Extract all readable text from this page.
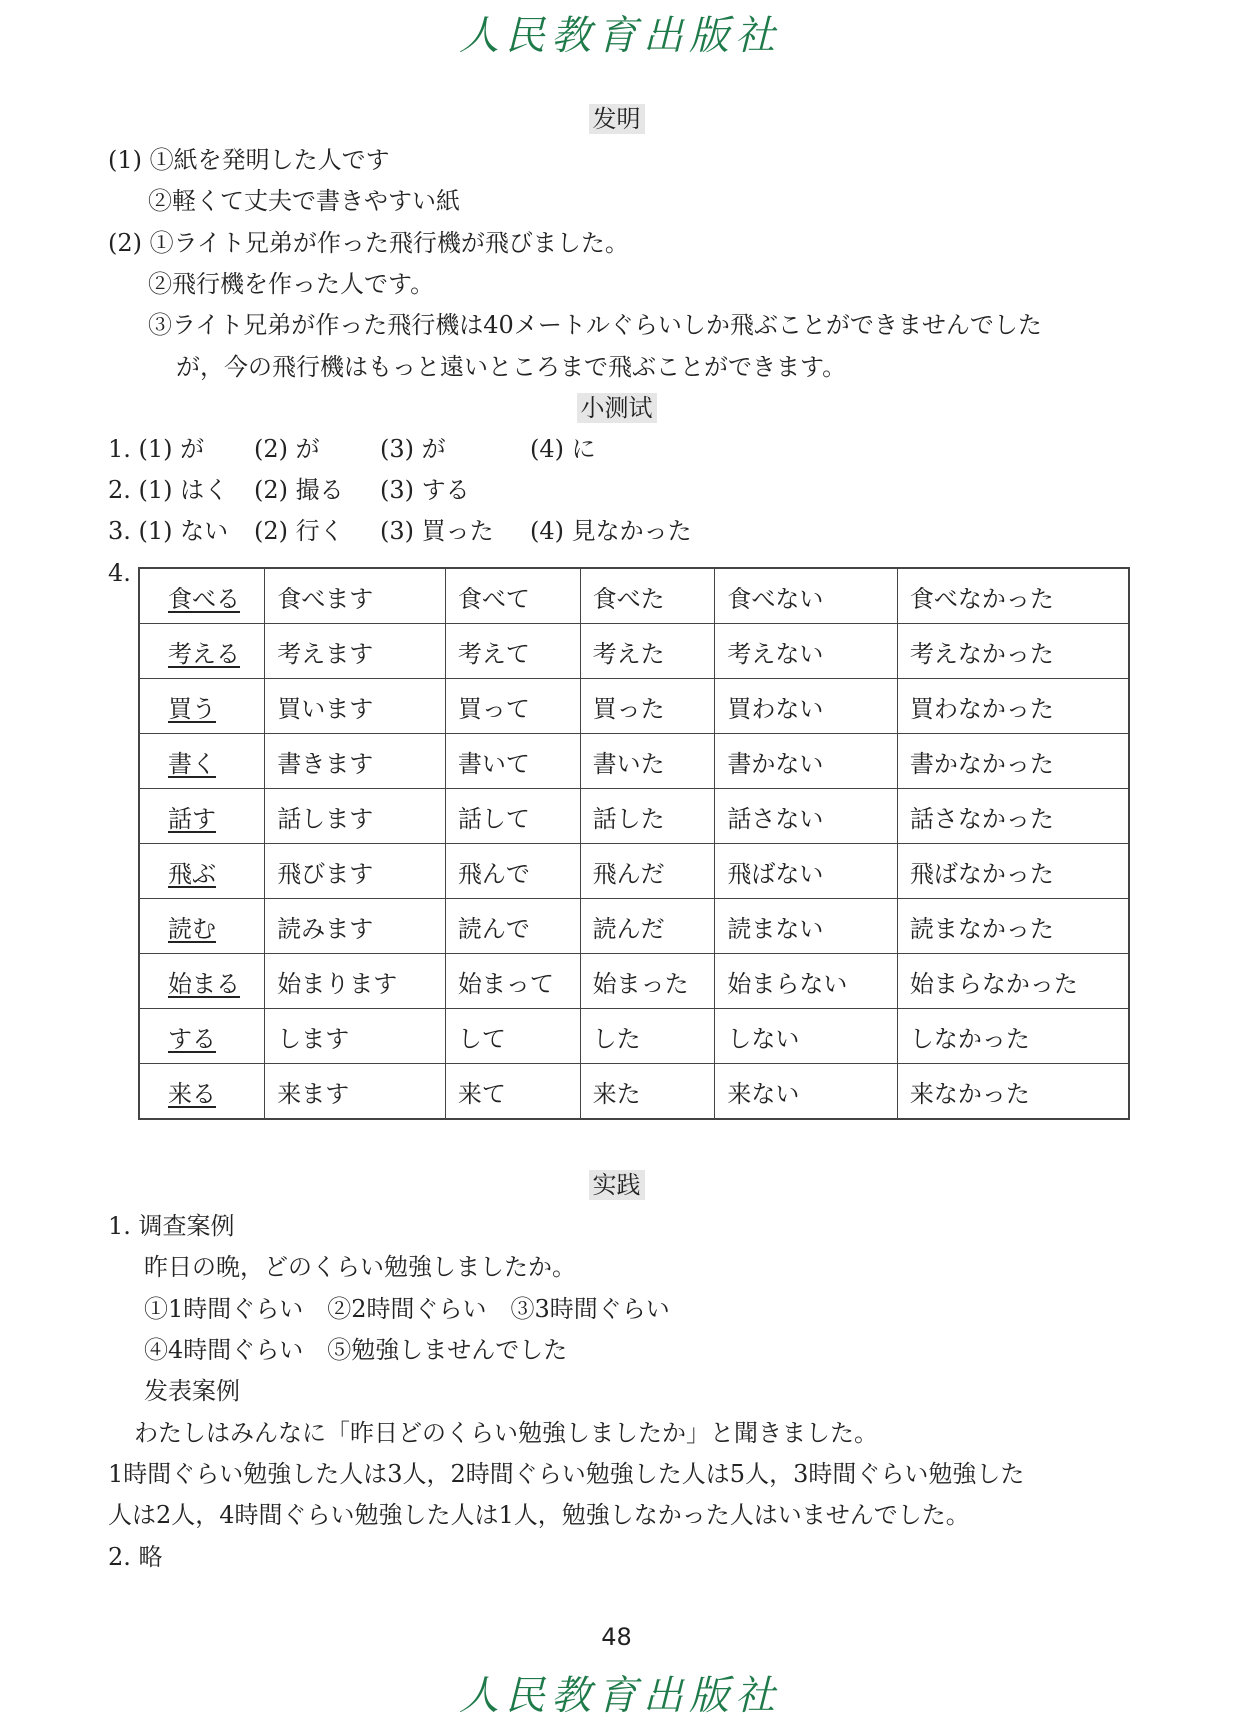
人民教育出版社
发明
(1) ①紙を発明した人です
②軽くて丈夫で書きやすい紙
(2) ①ライト兄弟が作った飛行機が飛びました。
②飛行機を作った人です。
③ライト兄弟が作った飛行機は40メートルぐらいしか飛ぶことができませんでした
が，今の飛行機はもっと遠いところまで飛ぶことができます。
小测试
1. (1) が (2) が	(3) が	(4) に
2. (1) はく (2) 撮る (3) する
3. (1) ない (2) 行く (3) 買った (4) 見なかった
4.
食べる	食べます	食べて	食べた	食べない	食べなかった
考える	考えます	考えて	考えた	考えない	考えなかった
買う	買います	買って	買った	買わない	買わなかった
書く	書きます	書いて	書いた	書かない	書かなかった
話す	話します	話して	話した	話さない	話さなかった
飛ぶ	飛びます	飛んで	飛んだ	飛ばない	飛ばなかった
読む	読みます	読んで	読んだ	読まない	読まなかった
始まる	始まります	始まって	始まった	始まらない	始まらなかった
する	します	して	した	しない	しなかった
来る	来ます	来て	来た	来ない	来なかった
实践
1. 调查案例
昨日の晩，どのくらい勉強しましたか。
①1時間ぐらい　②2時間ぐらい　③3時間ぐらい
④4時間ぐらい　⑤勉強しませんでした
发表案例
わたしはみんなに「昨日どのくらい勉強しましたか」と聞きました。
1時間ぐらい勉強した人は3人，2時間ぐらい勉強した人は5人，3時間ぐらい勉強した
人は2人，4時間ぐらい勉強した人は1人，勉強しなかった人はいませんでした。
2. 略
48
人民教育出版社
